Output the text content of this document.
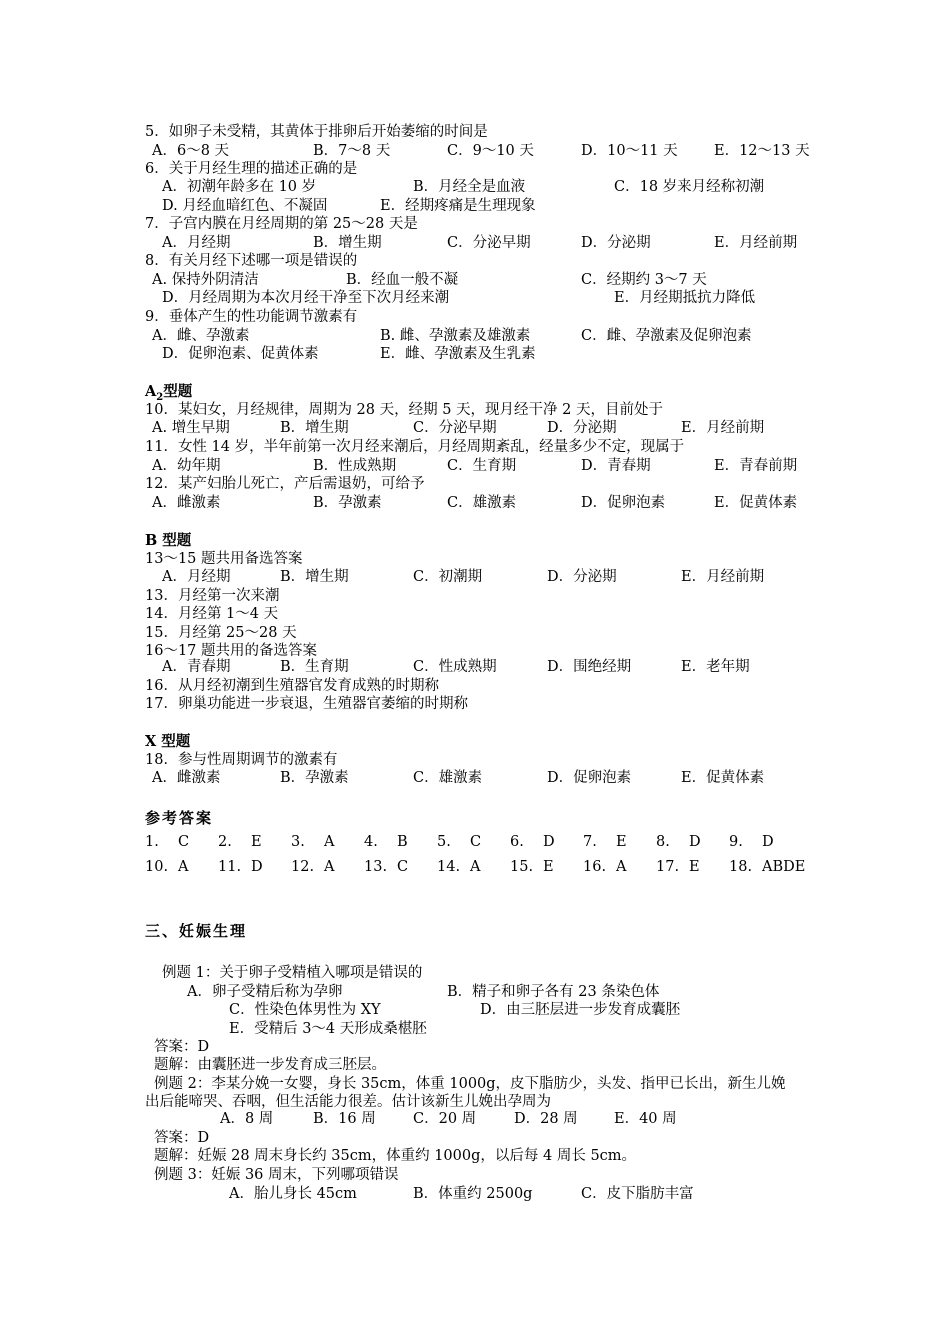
5．如卵子未受精，其黄体于排卵后开始萎缩的时间是
A．6～8 天	B．7～8 天	C．9～10 天	D．10～11 天	E．12～13 天
6．关于月经生理的描述正确的是
A．初潮年龄多在 10 岁	B．月经全是血液	C．18 岁来月经称初潮
D. 月经血暗红色、不凝固	E．经期疼痛是生理现象
7．子宫内膜在月经周期的第 25～28 天是
A．月经期	B．增生期	C．分泌早期	D．分泌期	E．月经前期
8．有关月经下述哪一项是错误的
A. 保持外阴清洁	B．经血一般不凝	C．经期约 3～7 天
D．月经周期为本次月经干净至下次月经来潮	E．月经期抵抗力降低
9．垂体产生的性功能调节激素有
A．雌、孕激素	B. 雌、孕激素及雄激素	C．雌、孕激素及促卵泡素
D．促卵泡素、促黄体素	E．雌、孕激素及生乳素
$A_2$型题
10．某妇女，月经规律，周期为 28 天，经期 5 天，现月经干净 2 天，目前处于
A. 增生早期	B．增生期	C．分泌早期	D．分泌期	E．月经前期
11．女性 14 岁，半年前第一次月经来潮后，月经周期紊乱，经量多少不定，现属于
A．幼年期	B．性成熟期	C．生育期	D．青春期	E．青春前期
12．某产妇胎儿死亡，产后需退奶，可给予
A．雌激素	B．孕激素	C．雄激素	D．促卵泡素	E．促黄体素
B 型题
13～15 题共用备选答案
A．月经期	B．增生期	C．初潮期	D．分泌期	E．月经前期
13．月经第一次来潮
14．月经第 1～4 天
15．月经第 25～28 天
16～17 题共用的备选答案
A．青春期	B．生育期	C．性成熟期	D．围绝经期	E．老年期
16．从月经初潮到生殖器官发育成熟的时期称
17．卵巢功能进一步衰退，生殖器官萎缩的时期称
X 型题
18．参与性周期调节的激素有
A．雌激素	B．孕激素	C．雄激素	D．促卵泡素	E．促黄体素
参考答案
1. C 2. E 3. A 4. B 5. C 6. D 7. E 8. D 9. D
10. A 11. D 12. A 13. C 14. A 15. E 16. A 17. E 18. ABDE
三、妊娠生理
例题 1：关于卵子受精植入哪项是错误的
A．卵子受精后称为孕卵	B．精子和卵子各有 23 条染色体
C．性染色体男性为 XY	D．由三胚层进一步发育成囊胚
E．受精后 3～4 天形成桑椹胚
答案：D
题解：由囊胚进一步发育成三胚层。
例题 2：李某分娩一女婴，身长 35cm，体重 1000g，皮下脂肪少，头发、指甲已长出，新生儿娩
出后能啼哭、吞咽，但生活能力很差。估计该新生儿娩出孕周为
A．8 周	B．16 周	C．20 周	D．28 周	E．40 周
答案：D
题解：妊娠 28 周末身长约 35cm，体重约 1000g，以后每 4 周长 5cm。
例题 3：妊娠 36 周末，下列哪项错误
A．胎儿身长 45cm	B．体重约 2500g	C．皮下脂肪丰富
